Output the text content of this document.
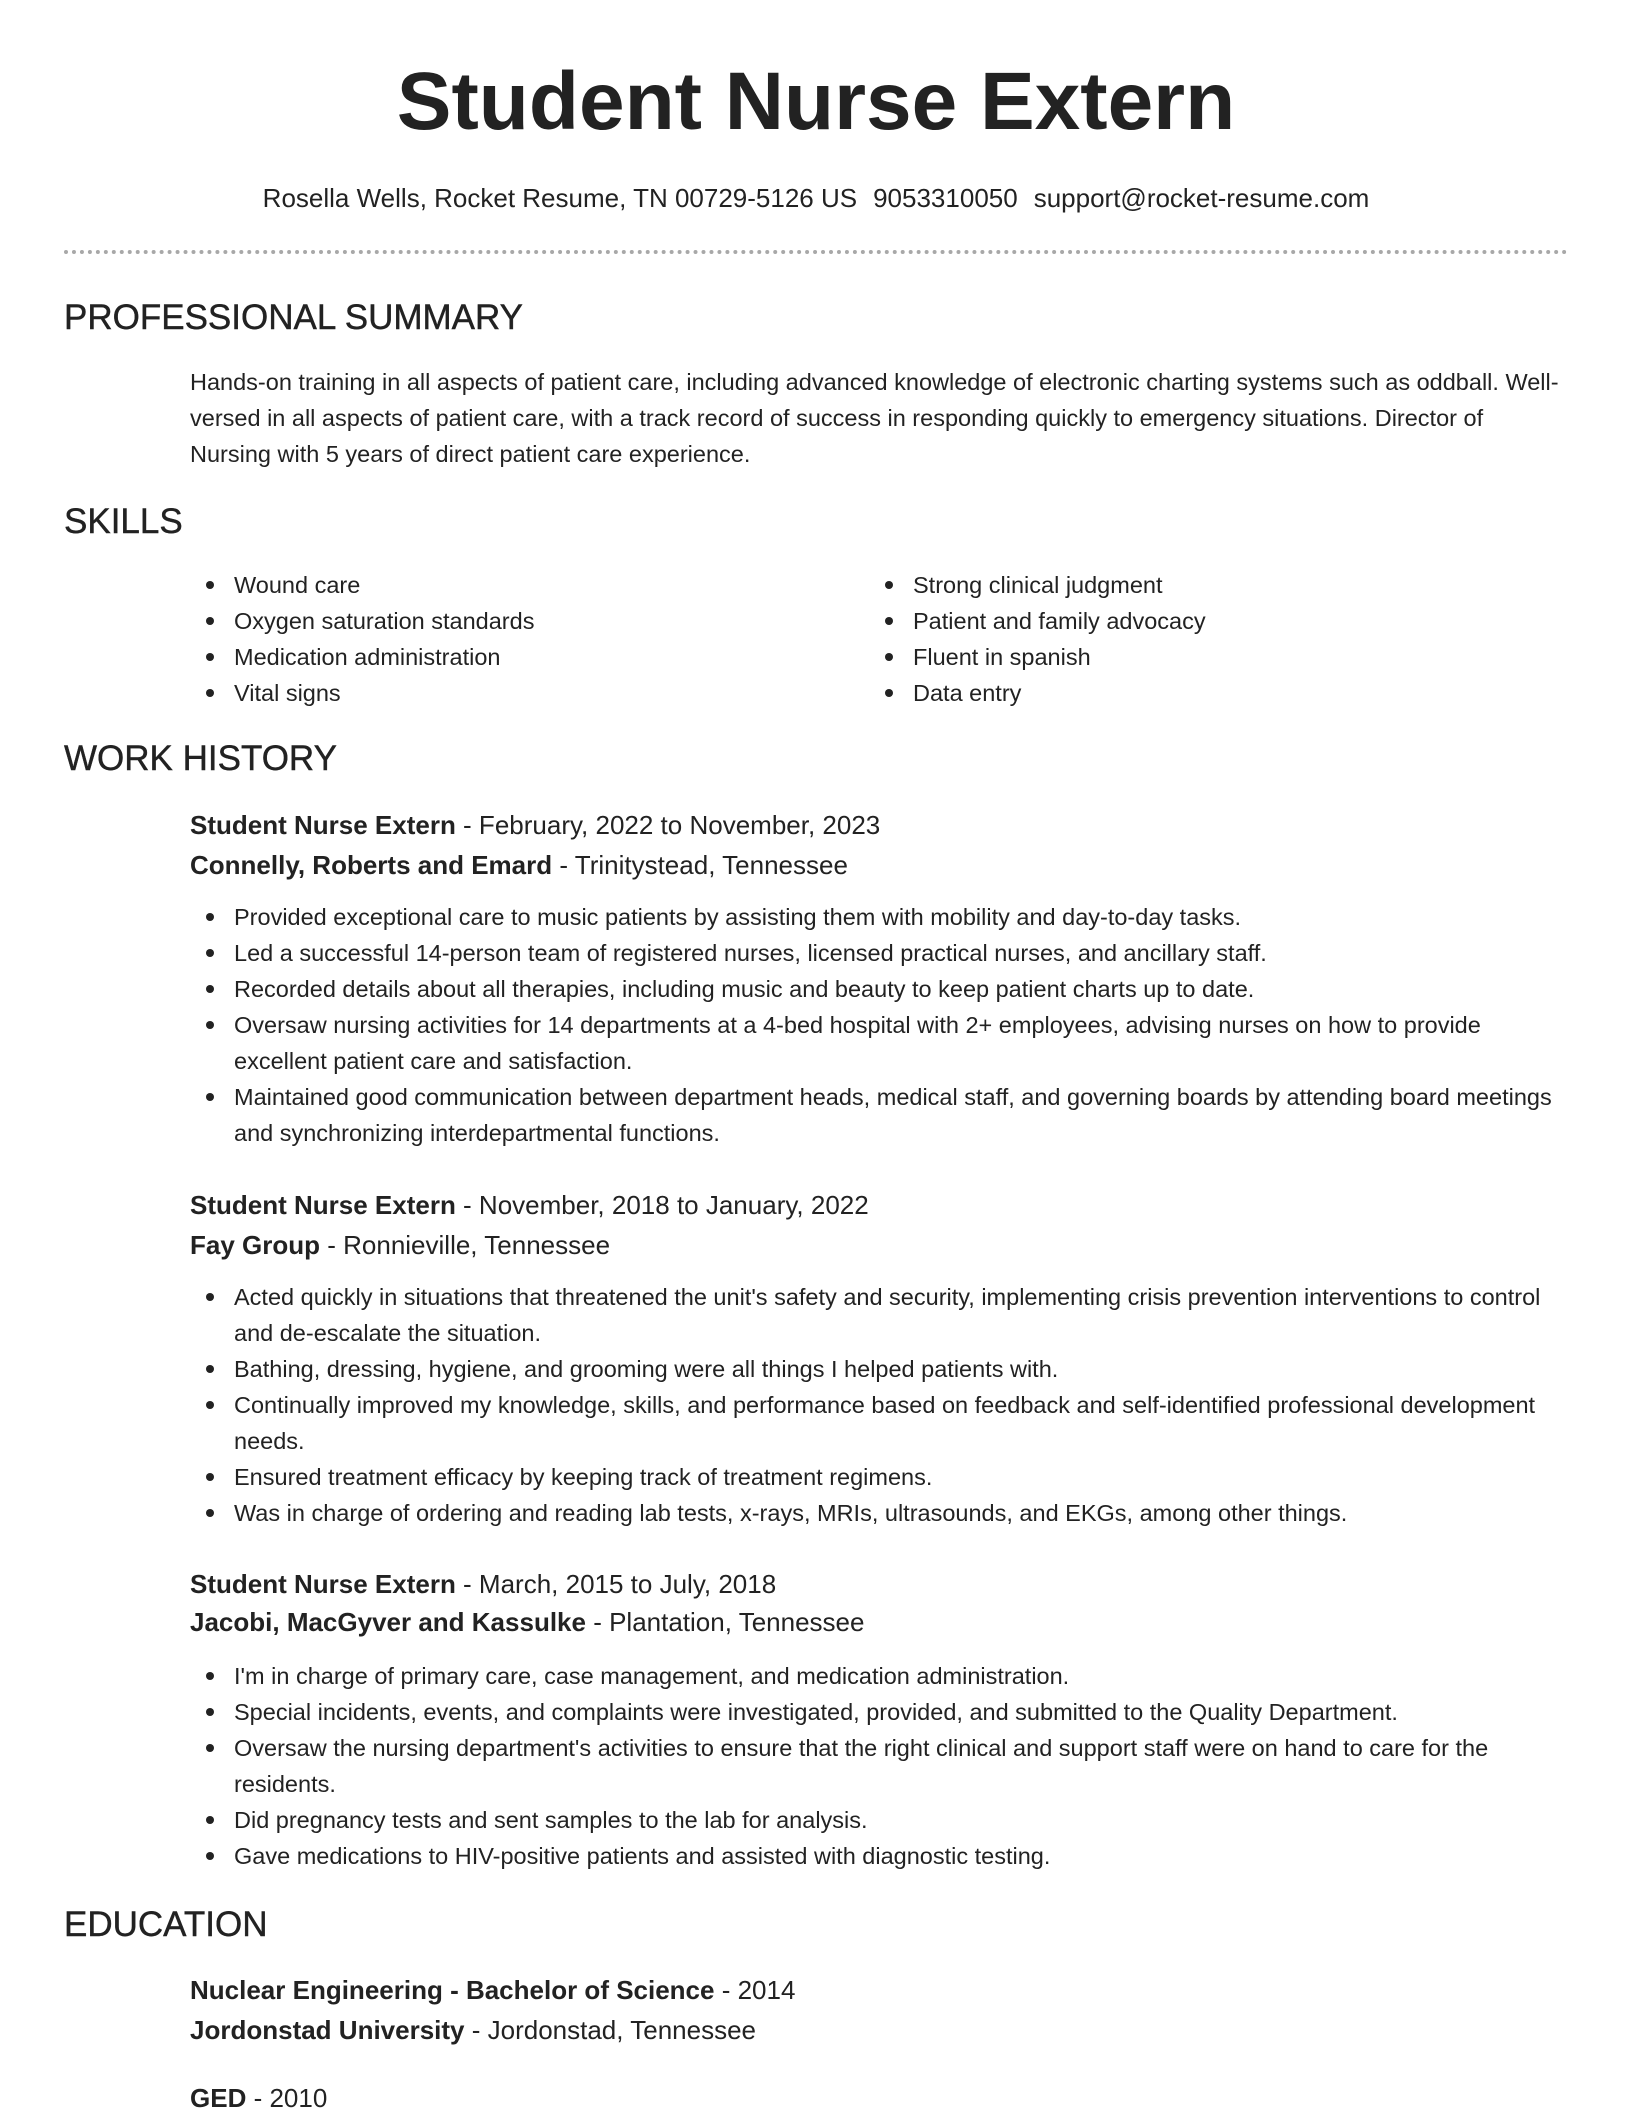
Student Nurse Extern
Rosella Wells, Rocket Resume, TN 00729-5126 US 9053310050 support@rocket-resume.com
PROFESSIONAL SUMMARY

Hands-on training in all aspects of patient care, including advanced knowledge of electronic charting systems such as oddball. Well-versed in all aspects of patient care, with a track record of success in responding quickly to emergency situations. Director of Nursing with 5 years of direct patient care experience.

SKILLS
Wound care
Oxygen saturation standards
Medication administration
Vital signs
Strong clinical judgment
Patient and family advocacy
Fluent in spanish
Data entry
WORK HISTORY
Student Nurse Extern - February, 2022 to November, 2023
Connelly, Roberts and Emard - Trinitystead, Tennessee
Provided exceptional care to music patients by assisting them with mobility and day-to-day tasks.
Led a successful 14-person team of registered nurses, licensed practical nurses, and ancillary staff.
Recorded details about all therapies, including music and beauty to keep patient charts up to date.
Oversaw nursing activities for 14 departments at a 4-bed hospital with 2+ employees, advising nurses on how to provide excellent patient care and satisfaction.
Maintained good communication between department heads, medical staff, and governing boards by attending board meetings and synchronizing interdepartmental functions.
Student Nurse Extern - November, 2018 to January, 2022
Fay Group - Ronnieville, Tennessee
Acted quickly in situations that threatened the unit's safety and security, implementing crisis prevention interventions to control and de-escalate the situation.
Bathing, dressing, hygiene, and grooming were all things I helped patients with.
Continually improved my knowledge, skills, and performance based on feedback and self-identified professional development needs.
Ensured treatment efficacy by keeping track of treatment regimens.
Was in charge of ordering and reading lab tests, x-rays, MRIs, ultrasounds, and EKGs, among other things.
Student Nurse Extern - March, 2015 to July, 2018
Jacobi, MacGyver and Kassulke - Plantation, Tennessee
I'm in charge of primary care, case management, and medication administration.
Special incidents, events, and complaints were investigated, provided, and submitted to the Quality Department.
Oversaw the nursing department's activities to ensure that the right clinical and support staff were on hand to care for the residents.
Did pregnancy tests and sent samples to the lab for analysis.
Gave medications to HIV-positive patients and assisted with diagnostic testing.
EDUCATION
Nuclear Engineering - Bachelor of Science - 2014
Jordonstad University - Jordonstad, Tennessee
GED - 2010
